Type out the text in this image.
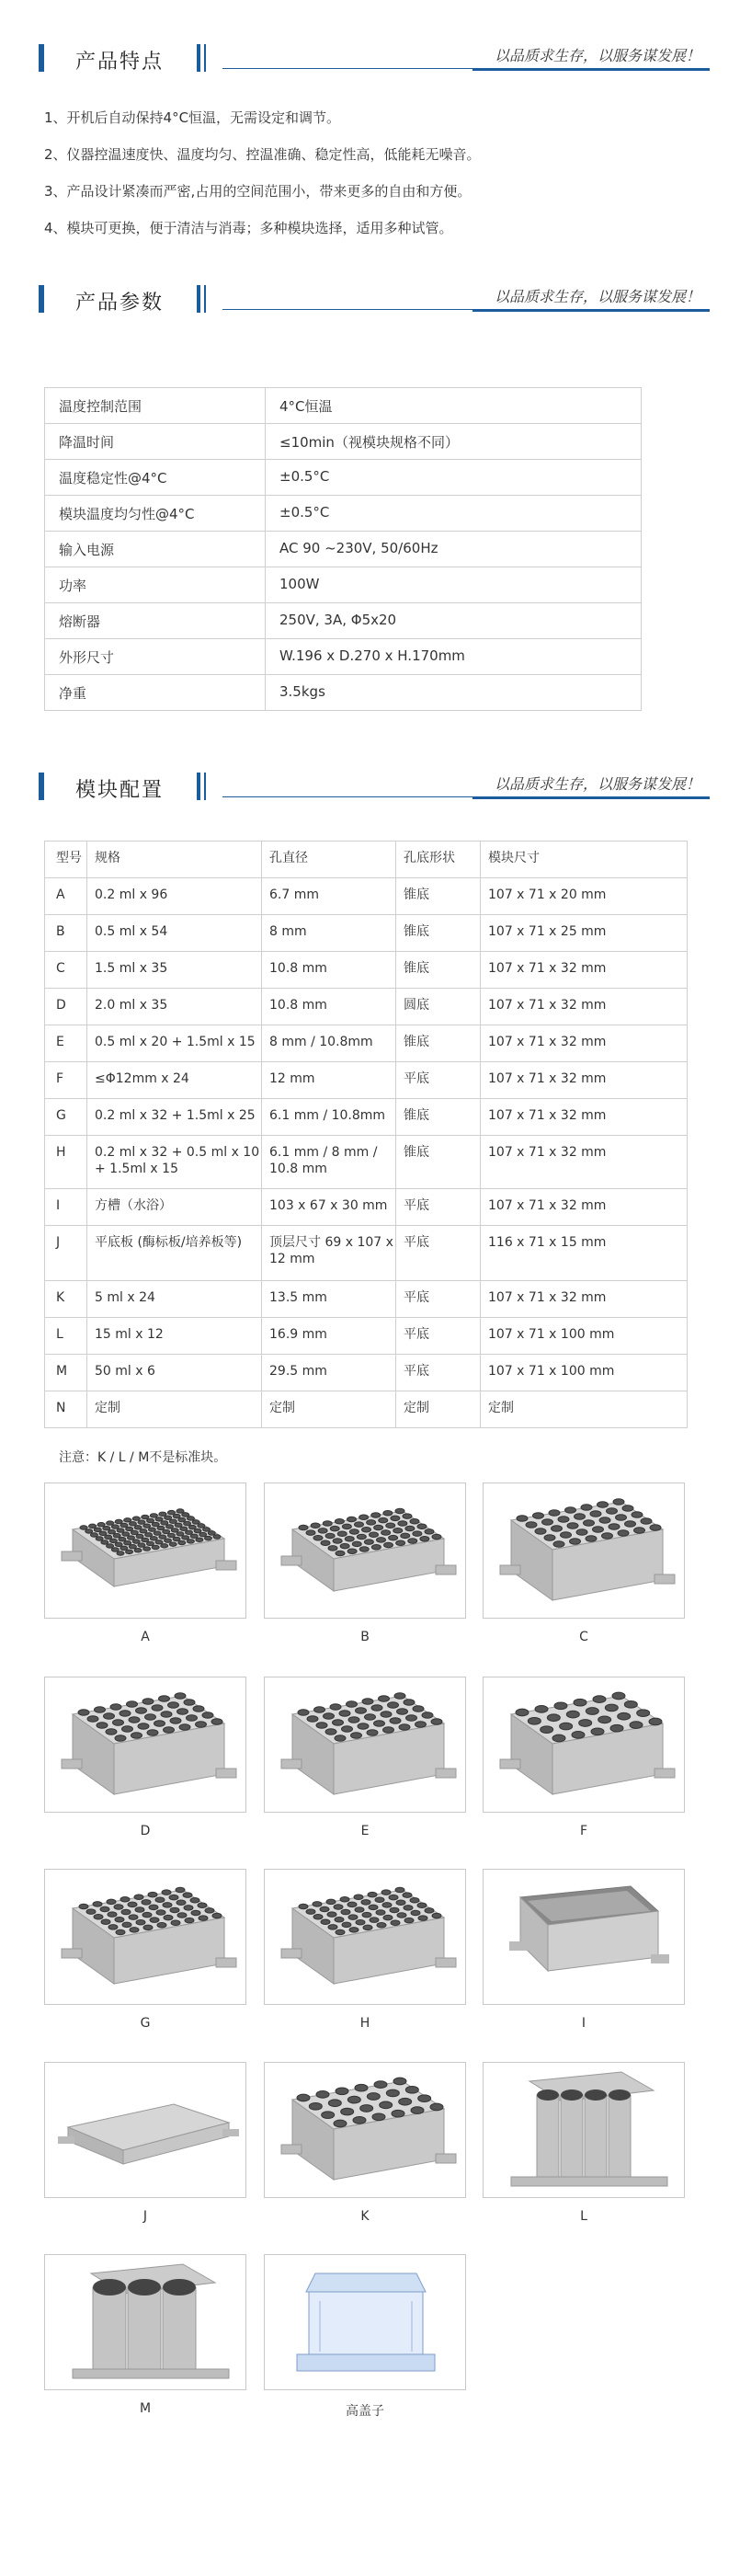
产品特点	以品质求生存，以服务谋发展！
1、开机后自动保持4°C恒温，无需设定和调节。
2、仪器控温速度快、温度均匀、控温准确、稳定性高，低能耗无噪音。
3、产品设计紧凑而严密,占用的空间范围小，带来更多的自由和方便。
4、模块可更换，便于清洁与消毒；多种模块选择，适用多种试管。
产品参数	以品质求生存，以服务谋发展！
温度控制范围	4°C恒温
降温时间	≤10min（视模块规格不同）
温度稳定性@4°C	±0.5°C
模块温度均匀性@4°C	±0.5°C
输入电源	AC 90 ~230V, 50/60Hz
功率	100W
熔断器	250V, 3A, Φ5x20
外形尺寸	W.196 x D.270 x H.170mm
净重	3.5kgs
模块配置	以品质求生存，以服务谋发展！
型号	规格	孔直径	孔底形状	模块尺寸
A	0.2 ml x 96	6.7 mm	锥底	107 x 71 x 20 mm
B	0.5 ml x 54	8 mm	锥底	107 x 71 x 25 mm
C	1.5 ml x 35	10.8 mm	锥底	107 x 71 x 32 mm
D	2.0 ml x 35	10.8 mm	圆底	107 x 71 x 32 mm
E	0.5 ml x 20 + 1.5ml x 15	8 mm / 10.8mm	锥底	107 x 71 x 32 mm
F	≤Φ12mm x 24	12 mm	平底	107 x 71 x 32 mm
G	0.2 ml x 32 + 1.5ml x 25	6.1 mm / 10.8mm	锥底	107 x 71 x 32 mm
H	0.2 ml x 32 + 0.5 ml x 10 + 1.5ml x 15	6.1 mm / 8 mm / 10.8 mm	锥底	107 x 71 x 32 mm
I	方槽（水浴）	103 x 67 x 30 mm	平底	107 x 71 x 32 mm
J	平底板 (酶标板/培养板等)	顶层尺寸 69 x 107 x 12 mm	平底	116 x 71 x 15 mm
K	5 ml x 24	13.5 mm	平底	107 x 71 x 32 mm
L	15 ml x 12	16.9 mm	平底	107 x 71 x 100 mm
M	50 ml x 6	29.5 mm	平底	107 x 71 x 100 mm
N	定制	定制	定制	定制
注意：K / L / M不是标准块。
A	B	C
D	E	F
G	H	I
J	K	L
M	高盖子
